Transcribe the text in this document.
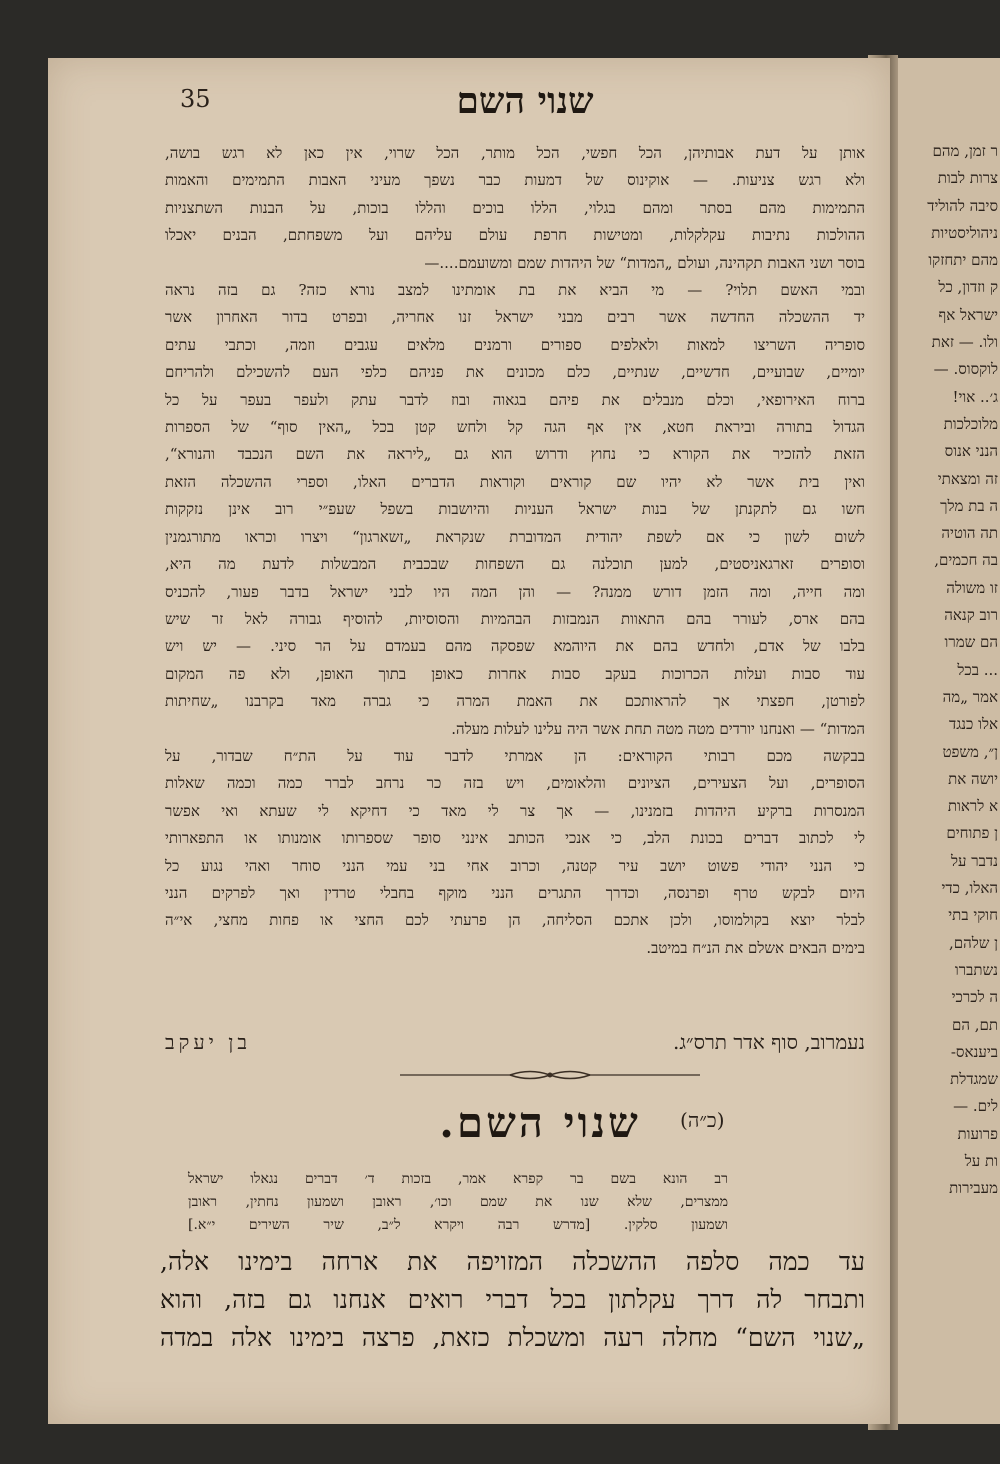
ר זמן, מהם
צרות לבות
סיבה להוליד
ניהוליסטיות
מהם יתחזקו
ק וזדון, כל
ישראל אף
ולו. — זאת
לוקסוס. —
ג׳.. אוי!
מלוכלכות
הנני אנוס
זה ומצאתי
ה בת מלך
תה הוטיה
בה חכמים,
זו משולה
רוב קנאה
הם שמרו
... בכל
אמר „מה
אלו כנגד
ן״, משפט
יושה את
א לראות
ן פתוחים
נדבר על
האלו, כדי
חוקי בתי
ן שלהם,
נשתברו
ה לכרכי
תם, הם
ביענאס-
שמגדלת
לים. —
פרועות
ות על
מעבירות
35	שנוי השם
אותן על דעת אבותיהן, הכל חפשי, הכל מותר, הכל שרוי, אין כאן לא רגש בושה,
ולא רגש צניעות. — אוקינוס של דמעות כבר נשפך מעיני האבות התמימים והאמות
התמימות מהם בסתר ומהם בגלוי, הללו בוכים והללו בוכות, על הבנות השתצניות
ההולכות נתיבות עקלקלות, ומטישות חרפת עולם עליהם ועל משפחתם, הבנים יאכלו
בוסר ושני האבות תקהינה, ועולם „המדות“ של היהדות שמם ומשועמם....—
ובמי האשם תלוי? — מי הביא את בת אומתינו למצב נורא כזה? גם בזה נראה
יד ההשכלה החדשה אשר רבים מבני ישראל זנו אחריה, ובפרט בדור האחרון אשר
סופריה השריצו למאות ולאלפים ספורים ורמנים מלאים עגבים וזמה, וכתבי עתים
יומיים, שבועיים, חדשיים, שנתיים, כלם מכונים את פניהם כלפי העם להשכילם ולהריחם
ברוח האירופאי, וכלם מנבלים את פיהם בגאוה ובוז לדבר עתק ולעפר בעפר על כל
הגדול בתורה וביראת חטא, אין אף הגה קל ולחש קטן בכל „האין סוף“ של הספרות
הזאת להזכיר את הקורא כי נחוץ ודרוש הוא גם „ליראה את השם הנכבד והנורא“,
ואין בית אשר לא יהיו שם קוראים וקוראות הדברים האלו, וספרי ההשכלה הזאת
חשו גם לתקנתן של בנות ישראל העניות והיושבות בשפל שעפ״י רוב אינן נזקקות
לשום לשון כי אם לשפת יהודית המדוברת שנקראת „זשארגון“ ויצרו וכראו מתורגמנין
וסופרים זארגאניסטים, למען תוכלנה גם השפחות שבכבית המבשלות לדעת מה היא,
ומה חייה, ומה הזמן דורש ממנה? — והן המה היו לבני ישראל בדבר פעור, להכניס
בהם ארס, לעורר בהם התאוות הנמבזות הבהמיות והסוסיות, להוסיף גבורה לאל זר שיש
בלבו של אדם, ולחדש בהם את היוהמא שפסקה מהם בעמדם על הר סיני. — יש ויש
עוד סבות ועלות הכרוכות בעקב סבות אחרות כאופן בתוך האופן, ולא פה המקום
לפורטן, חפצתי אך להראותכם את האמת המרה כי גברה מאד בקרבנו „שחיתות
המדות“ — ואנחנו יורדים מטה מטה תחת אשר היה עלינו לעלות מעלה.
בבקשה מכם רבותי הקוראים: הן אמרתי לדבר עוד על הת״ח שבדור, על
הסופרים, ועל הצעירים, הציונים והלאומים, ויש בזה כר נרחב לברר כמה וכמה שאלות
המנסרות ברקיע היהדות בזמנינו, — אך צר לי מאד כי דחיקא לי שעתא ואי אפשר
לי לכתוב דברים בכונת הלב, כי אנכי הכותב אינני סופר שספרותו אומנותו או התפארותי
כי הנני יהודי פשוט יושב עיר קטנה, וכרוב אחי בני עמי הנני סוחר ואהי נגוע כל
היום לבקש טרף ופרנסה, וכדרך התגרים הנני מוקף בחבלי טרדין ואך לפרקים הנני
לבלר יוצא בקולמוסו, ולכן אתכם הסליחה, הן פרעתי לכם החצי או פחות מחצי, אי״ה
בימים הבאים אשלם את הנ״ח במיטב.
נעמרוב, סוף אדר תרס״ג.
בן יעקב
(כ״ה)
שנוי השם.
רב הונא בשם בר קפרא אמר, בזכות ד׳ דברים נגאלו ישראל
ממצרים, שלא שנו את שמם וכו׳, ראובן ושמעון נחתין, ראובן
ושמעון סלקין. [מדרש רבה ויקרא ל״ב, שיר השירים י״א.]
עד כמה סלפה ההשכלה המזויפה את ארחה בימינו אלה,
ותבחר לה דרך עקלתון בכל דברי רואים אנחנו גם בזה, והוא
„שנוי השם“ מחלה רעה ומשכלת כזאת, פרצה בימינו אלה במדה
